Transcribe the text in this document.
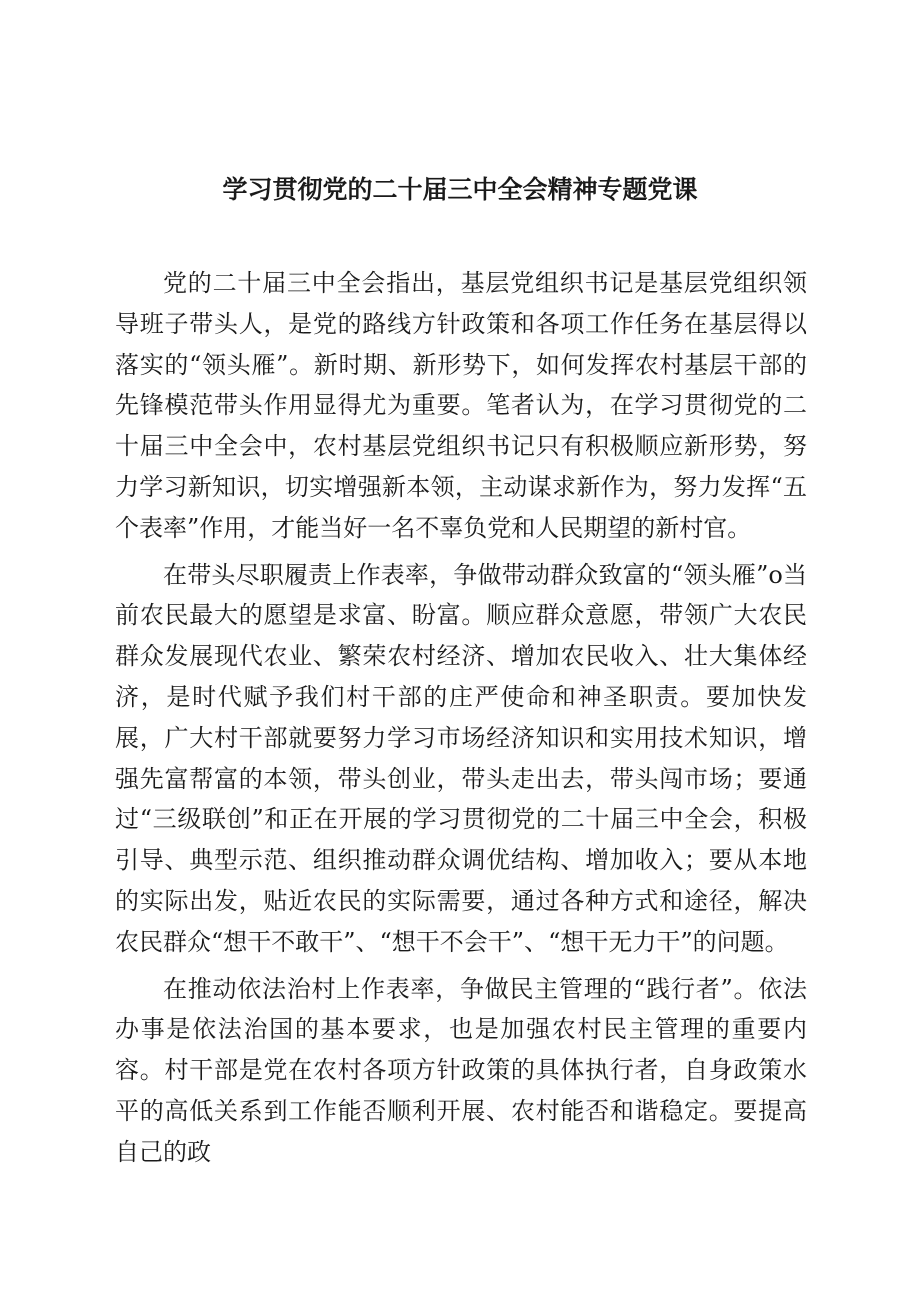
学习贯彻党的二十届三中全会精神专题党课

党的二十届三中全会指出，基层党组织书记是基层党组织领导班子带头人，是党的路线方针政策和各项工作任务在基层得以落实的“领头雁”。新时期、新形势下，如何发挥农村基层干部的先锋模范带头作用显得尤为重要。笔者认为，在学习贯彻党的二十届三中全会中，农村基层党组织书记只有积极顺应新形势，努力学习新知识，切实增强新本领，主动谋求新作为，努力发挥“五个表率”作用，才能当好一名不辜负党和人民期望的新村官。

在带头尽职履责上作表率，争做带动群众致富的“领头雁”o当前农民最大的愿望是求富、盼富。顺应群众意愿，带领广大农民群众发展现代农业、繁荣农村经济、增加农民收入、壮大集体经济，是时代赋予我们村干部的庄严使命和神圣职责。要加快发展，广大村干部就要努力学习市场经济知识和实用技术知识，增强先富帮富的本领，带头创业，带头走出去，带头闯市场；要通过“三级联创”和正在开展的学习贯彻党的二十届三中全会，积极引导、典型示范、组织推动群众调优结构、增加收入；要从本地的实际出发，贴近农民的实际需要，通过各种方式和途径，解决农民群众“想干不敢干”、“想干不会干”、“想干无力干”的问题。

在推动依法治村上作表率，争做民主管理的“践行者”。依法办事是依法治国的基本要求，也是加强农村民主管理的重要内容。村干部是党在农村各项方针政策的具体执行者，自身政策水平的高低关系到工作能否顺利开展、农村能否和谐稳定。要提高自己的政
